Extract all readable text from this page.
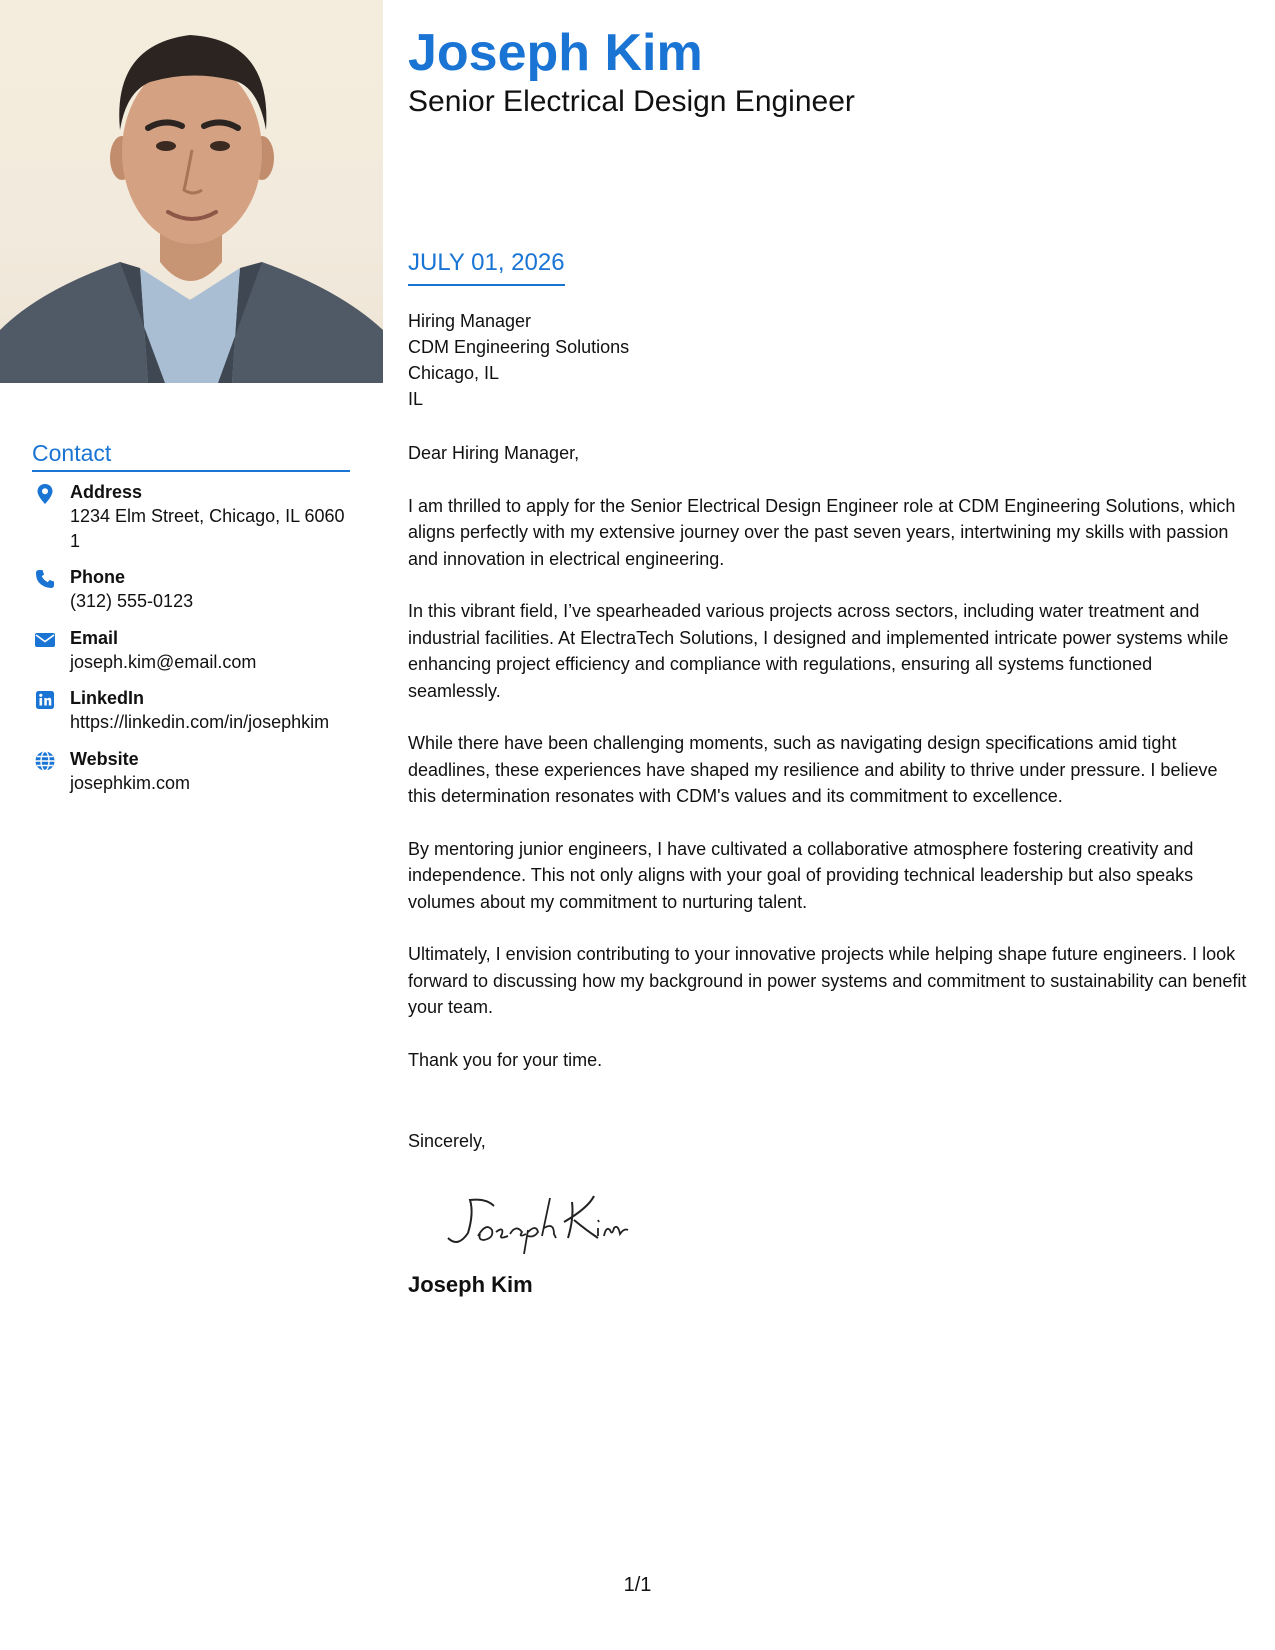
Joseph Kim
Senior Electrical Design Engineer
JULY 01, 2026
Hiring Manager
CDM Engineering Solutions
Chicago, IL
IL

Dear Hiring Manager,

I am thrilled to apply for the Senior Electrical Design Engineer role at CDM Engineering Solutions, which aligns perfectly with my extensive journey over the past seven years, intertwining my skills with passion and innovation in electrical engineering.

In this vibrant field, I’ve spearheaded various projects across sectors, including water treatment and industrial facilities. At ElectraTech Solutions, I designed and implemented intricate power systems while enhancing project efficiency and compliance with regulations, ensuring all systems functioned seamlessly.

While there have been challenging moments, such as navigating design specifications amid tight deadlines, these experiences have shaped my resilience and ability to thrive under pressure. I believe this determination resonates with CDM's values and its commitment to excellence.

By mentoring junior engineers, I have cultivated a collaborative atmosphere fostering creativity and independence. This not only aligns with your goal of providing technical leadership but also speaks volumes about my commitment to nurturing talent.

Ultimately, I envision contributing to your innovative projects while helping shape future engineers. I look forward to discussing how my background in power systems and commitment to sustainability can benefit your team.

Thank you for your time.

Sincerely,
Joseph Kim
Contact
Address
1234 Elm Street, Chicago, IL 60601
Phone
(312) 555-0123
Email
joseph.kim@email.com
LinkedIn
https://linkedin.com/in/josephkim
Website
josephkim.com
1/1
